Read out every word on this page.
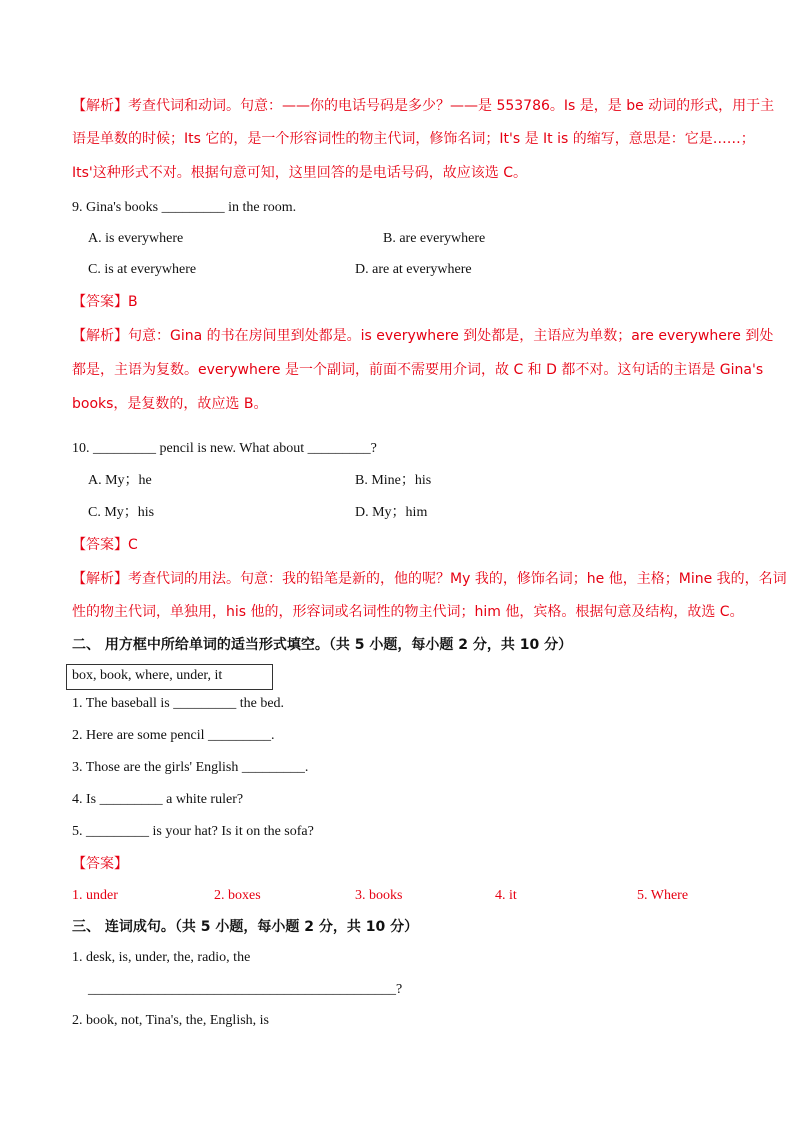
【解析】考查代词和动词。句意：——你的电话号码是多少？——是 553786。Is 是，是 be 动词的形式，用于主
语是单数的时候；Its 它的，是一个形容词性的物主代词，修饰名词；It's 是 It is 的缩写，意思是：它是……；
Its'这种形式不对。根据句意可知，这里回答的是电话号码，故应该选 C。
9. Gina's books _________ in the room.
A. is everywhere	B. are everywhere
C. is at everywhere	D. are at everywhere
【答案】B
【解析】句意：Gina 的书在房间里到处都是。is everywhere 到处都是，主语应为单数；are everywhere 到处
都是，主语为复数。everywhere 是一个副词，前面不需要用介词，故 C 和 D 都不对。这句话的主语是 Gina's
books，是复数的，故应选 B。
10. _________ pencil is new. What about _________?
A. My；he	B. Mine；his
C. My；his	D. My；him
【答案】C
【解析】考查代词的用法。句意：我的铅笔是新的，他的呢？My 我的，修饰名词；he 他，主格；Mine 我的，名词
性的物主代词，单独用，his 他的，形容词或名词性的物主代词；him 他，宾格。根据句意及结构，故选 C。
二、 用方框中所给单词的适当形式填空。（共 5 小题，每小题 2 分，共 10 分）
box, book, where, under, it
1. The baseball is _________ the bed.
2. Here are some pencil _________.
3. Those are the girls' English _________.
4. Is _________ a white ruler?
5. _________ is your hat? Is it on the sofa?
【答案】
1. under	2. boxes	3. books	4. it	5. Where
三、 连词成句。（共 5 小题，每小题 2 分，共 10 分）
1. desk, is, under, the, radio, the
____________________________________________?
2. book, not, Tina's, the, English, is
